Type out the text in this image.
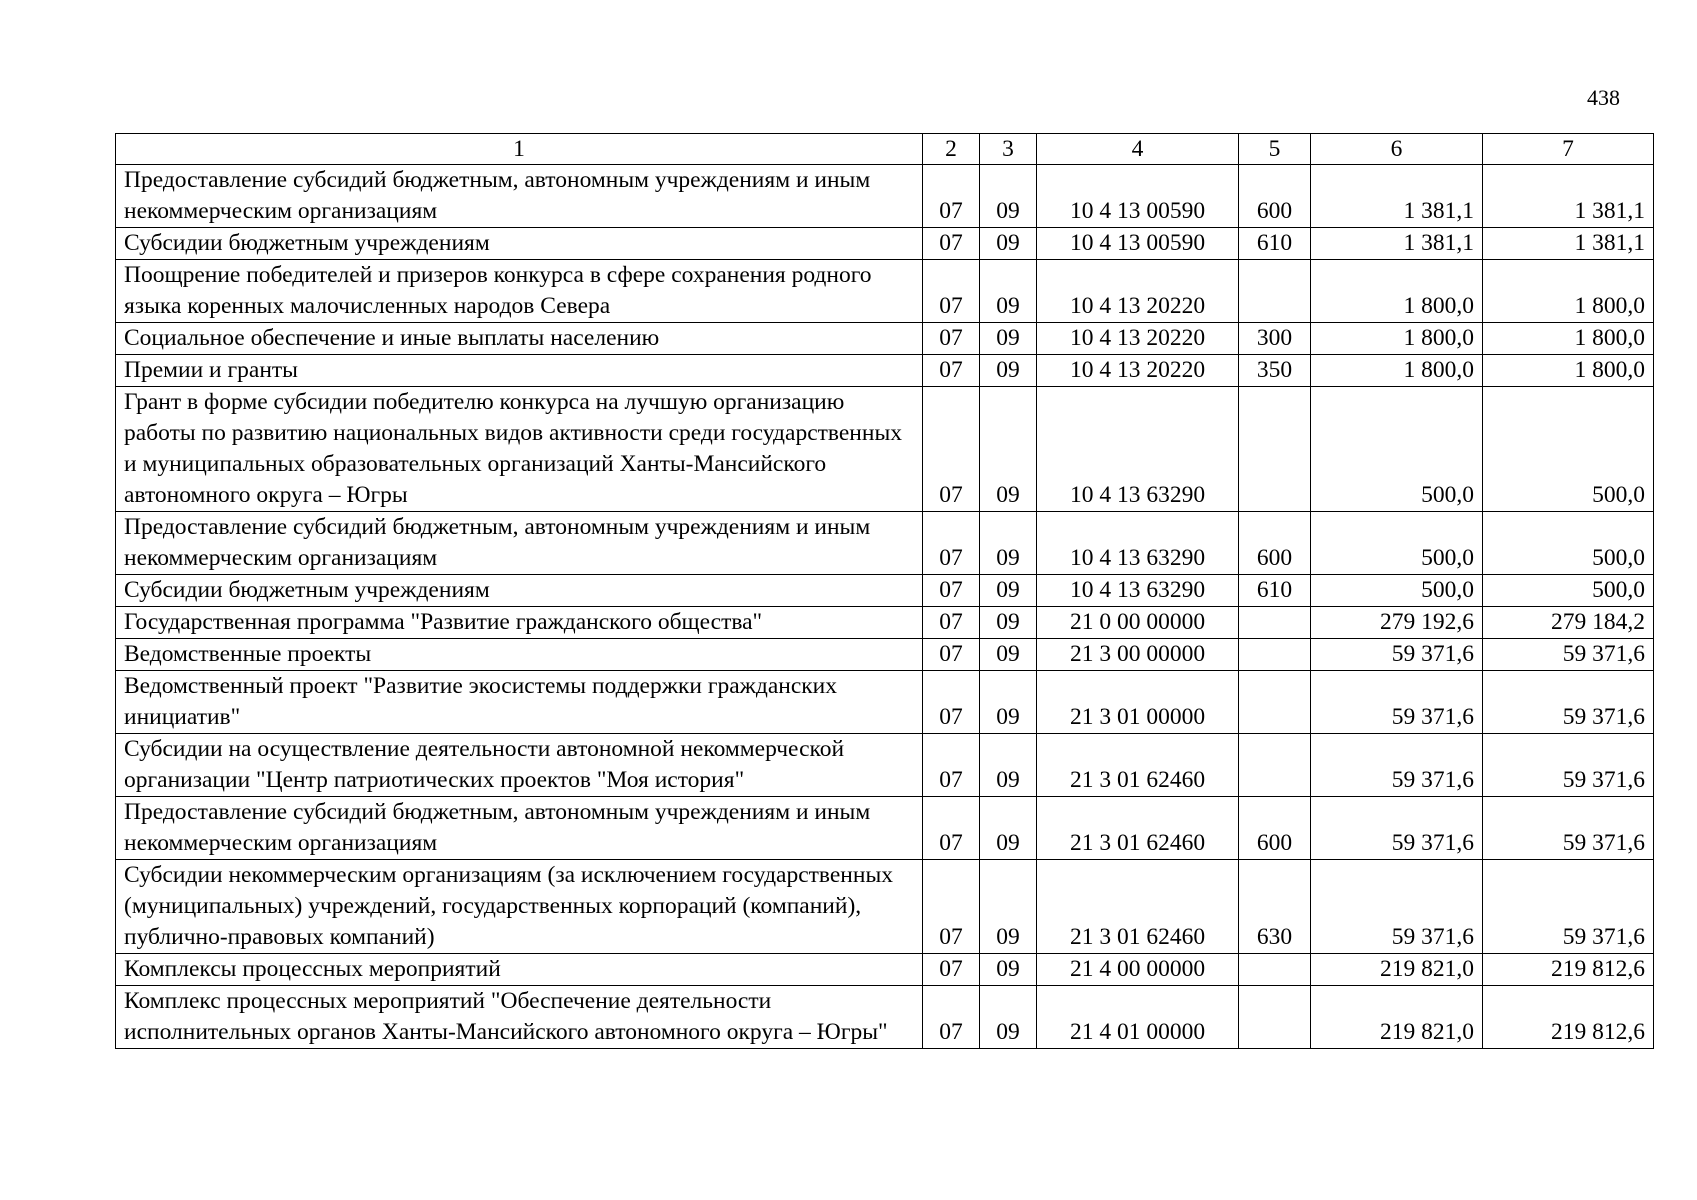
438
1	2	3	4	5	6	7
Предоставление субсидий бюджетным, автономным учреждениям и иным некоммерческим организациям	07	09	10 4 13 00590	600	1 381,1	1 381,1
Субсидии бюджетным учреждениям	07	09	10 4 13 00590	610	1 381,1	1 381,1
Поощрение победителей и призеров конкурса в сфере сохранения родного языка коренных малочисленных народов Севера	07	09	10 4 13 20220		1 800,0	1 800,0
Социальное обеспечение и иные выплаты населению	07	09	10 4 13 20220	300	1 800,0	1 800,0
Премии и гранты	07	09	10 4 13 20220	350	1 800,0	1 800,0
Грант в форме субсидии победителю конкурса на лучшую организацию работы по развитию национальных видов активности среди государственных и муниципальных образовательных организаций Ханты-Мансийского автономного округа – Югры	07	09	10 4 13 63290		500,0	500,0
Предоставление субсидий бюджетным, автономным учреждениям и иным некоммерческим организациям	07	09	10 4 13 63290	600	500,0	500,0
Субсидии бюджетным учреждениям	07	09	10 4 13 63290	610	500,0	500,0
Государственная программа "Развитие гражданского общества"	07	09	21 0 00 00000		279 192,6	279 184,2
Ведомственные проекты	07	09	21 3 00 00000		59 371,6	59 371,6
Ведомственный проект "Развитие экосистемы поддержки гражданских инициатив"	07	09	21 3 01 00000		59 371,6	59 371,6
Субсидии на осуществление деятельности автономной некоммерческой организации "Центр патриотических проектов "Моя история"	07	09	21 3 01 62460		59 371,6	59 371,6
Предоставление субсидий бюджетным, автономным учреждениям и иным некоммерческим организациям	07	09	21 3 01 62460	600	59 371,6	59 371,6
Субсидии некоммерческим организациям (за исключением государственных (муниципальных) учреждений, государственных корпораций (компаний), публично-правовых компаний)	07	09	21 3 01 62460	630	59 371,6	59 371,6
Комплексы процессных мероприятий	07	09	21 4 00 00000		219 821,0	219 812,6
Комплекс процессных мероприятий "Обеспечение деятельности исполнительных органов Ханты-Мансийского автономного округа – Югры"	07	09	21 4 01 00000		219 821,0	219 812,6
